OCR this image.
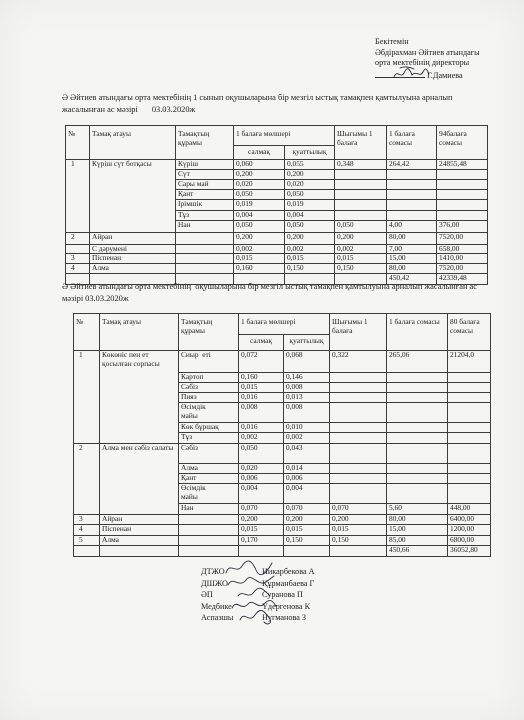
Бекітемін
Әбдірахман Әйтиев атындағы
орта мектебінің директоры
Г.Дамиева
Ә Әйтиев атындағы орта мектебінің 1 сынып оқушыларына бір мезгіл ыстық тамақпен қамтылуына арналып жасалынған ас мәзірі 03.03.2020ж
№	Тамақ атауы	Тамақтың құрамы	1 балаға мөлшері		Шығымы 1 балаға	1 балаға сомасы	94балаға сомасы
			салмақ	қуаттылық			
1	Күріш сүт ботқасы	Күріш	0,060	0,055	0,348	264,42	24855,48
		Сүт	0,200	0,200			
		Сары май	0,020	0,020			
		Қант	0,050	0,050			
		Ірімшік	0,019	0,019			
		Тұз	0,004	0,004			
		Нан	0,050	0,050	0,050	4,00	376,00
2	Айран		0,200	0,200	0,200	80,00	7520,00
	С дәрумені		0,002	0,002	0,002	7,00	658,00
3	Піспенан		0,015	0,015	0,015	15,00	1410,00
4	Алма		0,160	0,150	0,150	80,00	7520,00
						450,42	42339,48
Ә Әйтиев атындағы орта мектебінің  оқушыларына бір мезгіл ыстық тамақпен қамтылуына арналып жасалынған ас мәзірі 03.03.2020ж
№	Тамақ атауы	Тамақтың құрамы	1 балаға мөлшері		Шығымы 1 балаға	1 балаға сомасы	80 балаға сомасы
			салмақ	қуаттылық			
1	Көкөніс пен ет қосылған сорпасы	Сиыр  еті	0,072	0,068	0,322	265,06	21204,0
		Картоп	0,160	0,146			
		Сәбіз	0,015	0,008			
		Пияз	0,016	0,013			
		Өсімдік майы	0,008	0,008			
		Көк бұршақ	0,016	0,010			
		Тұз	0,002	0,002			
2	Алма мен сәбіз салаты	Сәбіз	0,050	0,043			
		Алма	0,020	0,014			
		Қант	0,006	0,006			
		Өсімдік майы	0,004	0,004			
		Нан	0,070	0,070	0,070	5,60	448,00
3	Айран		0,200	0,200	0,200	80,00	6400,00
4	Піспенан		0,015	0,015	0,015	15,00	1200,00
5	Алма		0,170	0,150	0,150	85,00	6800,00
						450,66	36052,80
ДТЖО	Иикарбекова А
ДШЖО	Құрманбаева Г
ӘП	Суранова П
Медбике	Үдергенова К
Аспазшы	Нугманова З
